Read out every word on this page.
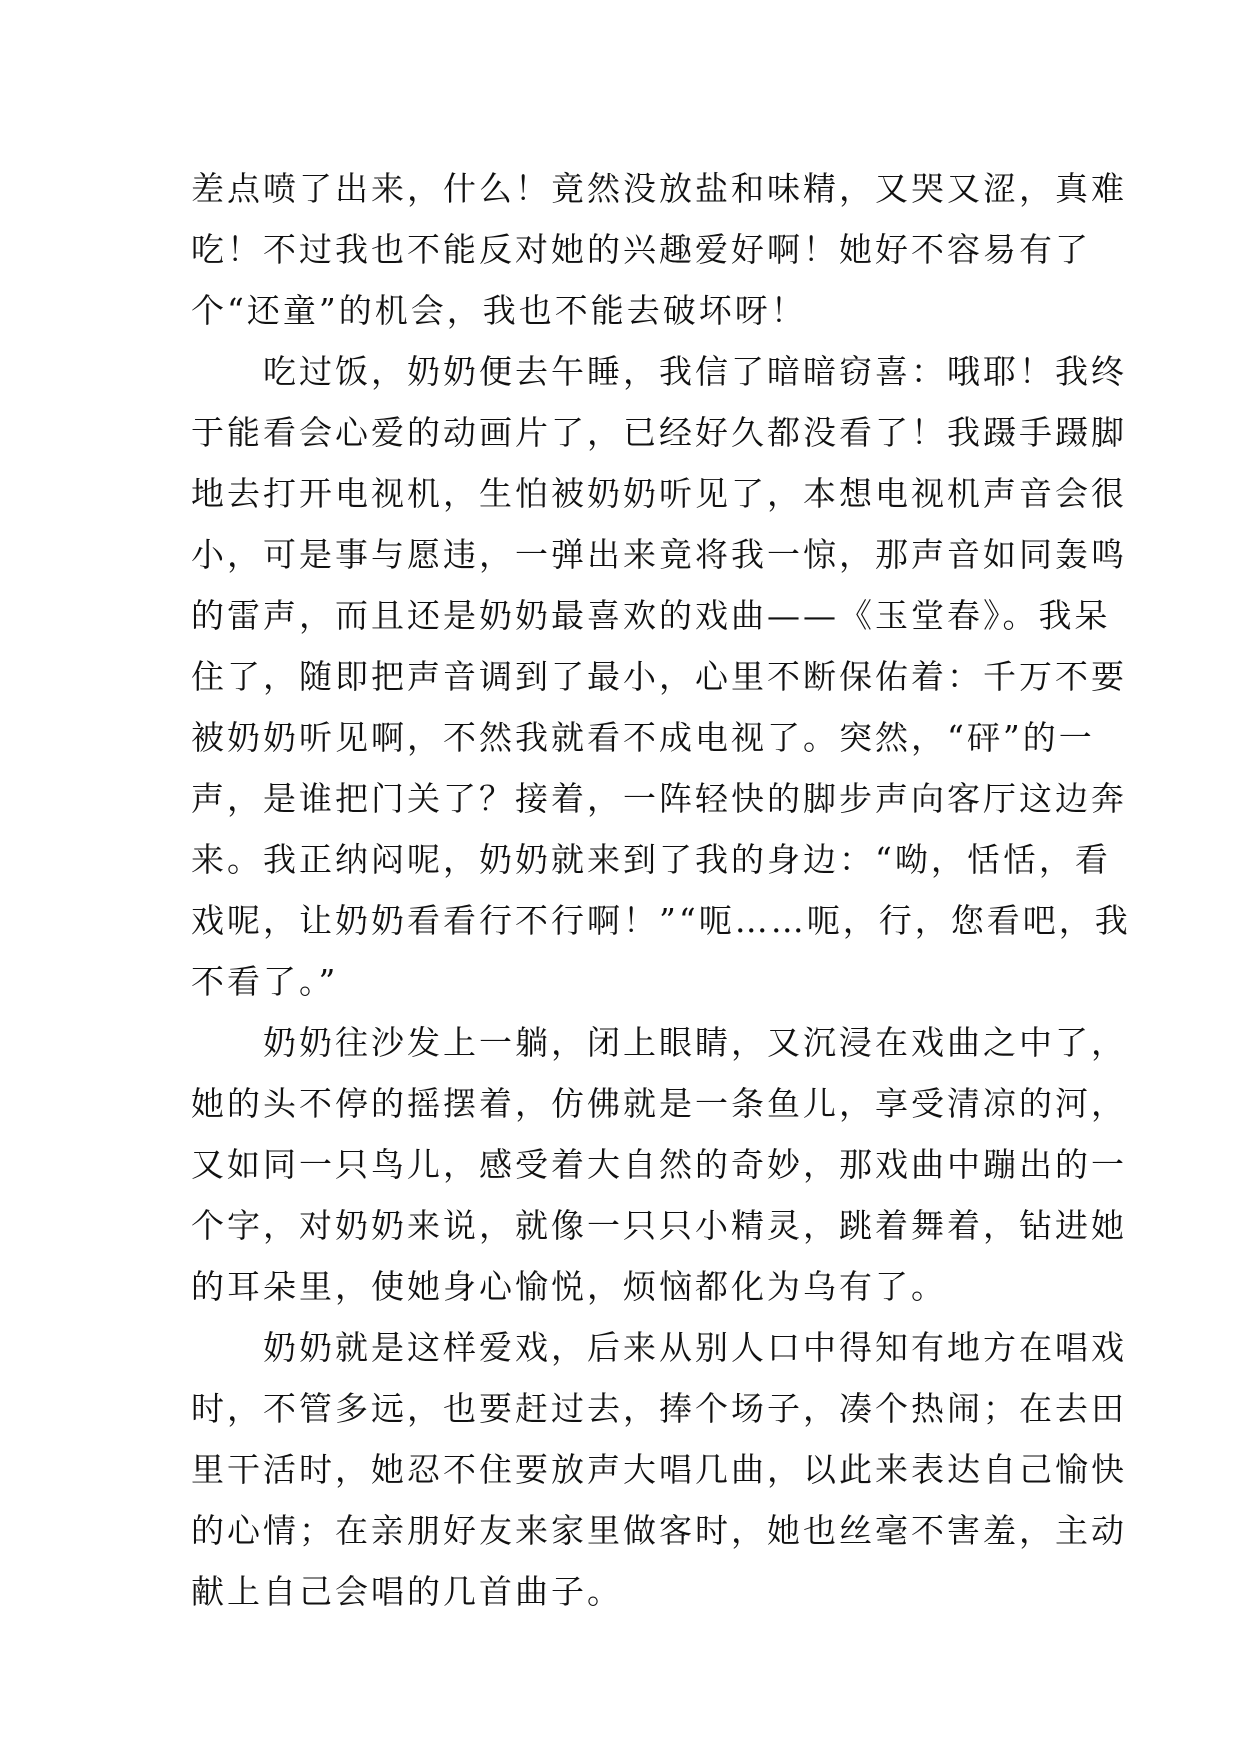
差点喷了出来，什么！竟然没放盐和味精，又哭又涩，真难
吃！不过我也不能反对她的兴趣爱好啊！她好不容易有了
个“还童”的机会，我也不能去破坏呀！
　　吃过饭，奶奶便去午睡，我信了暗暗窃喜：哦耶！我终
于能看会心爱的动画片了，已经好久都没看了！我蹑手蹑脚
地去打开电视机，生怕被奶奶听见了，本想电视机声音会很
小，可是事与愿违，一弹出来竟将我一惊，那声音如同轰鸣
的雷声，而且还是奶奶最喜欢的戏曲——《玉堂春》。我呆
住了，随即把声音调到了最小，心里不断保佑着：千万不要
被奶奶听见啊，不然我就看不成电视了。突然，“砰”的一
声，是谁把门关了？接着，一阵轻快的脚步声向客厅这边奔
来。我正纳闷呢，奶奶就来到了我的身边：“呦，恬恬，看
戏呢，让奶奶看看行不行啊！”“呃……呃，行，您看吧，我
不看了。”
　　奶奶往沙发上一躺，闭上眼睛，又沉浸在戏曲之中了，
她的头不停的摇摆着，仿佛就是一条鱼儿，享受清凉的河，
又如同一只鸟儿，感受着大自然的奇妙，那戏曲中蹦出的一
个字，对奶奶来说，就像一只只小精灵，跳着舞着，钻进她
的耳朵里，使她身心愉悦，烦恼都化为乌有了。
　　奶奶就是这样爱戏，后来从别人口中得知有地方在唱戏
时，不管多远，也要赶过去，捧个场子，凑个热闹；在去田
里干活时，她忍不住要放声大唱几曲，以此来表达自己愉快
的心情；在亲朋好友来家里做客时，她也丝毫不害羞，主动
献上自己会唱的几首曲子。
